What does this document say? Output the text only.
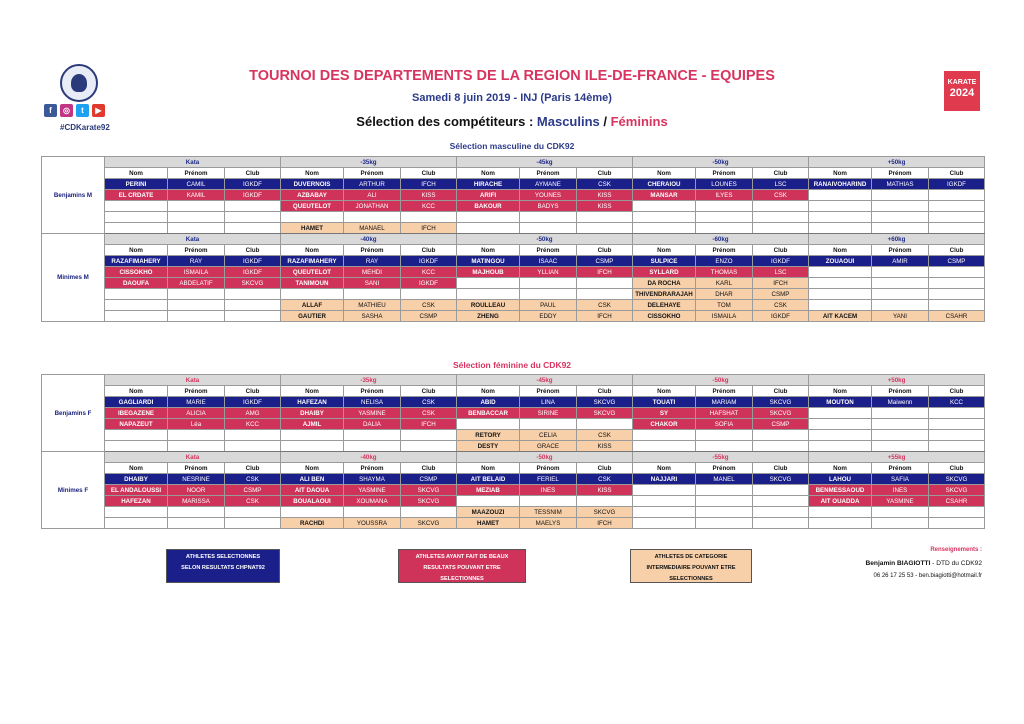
f	◎	t	▶
#CDKarate92
KARATE
2024
TOURNOI DES DEPARTEMENTS DE LA REGION ILE-DE-FRANCE - EQUIPES
Samedi 8 juin 2019 - INJ (Paris 14ème)
Sélection des compétiteurs : Masculins / Féminins
Sélection masculine du CDK92
Benjamins M	Kata			-35kg			-45kg			-50kg			+50kg		
	Nom	Prénom	Club	Nom	Prénom	Club	Nom	Prénom	Club	Nom	Prénom	Club	Nom	Prénom	Club
	PERINI	CAMIL	IGKDF	DUVERNOIS	ARTHUR	IFCH	HIRACHE	AYMANE	CSK	CHERAIOU	LOUNES	LSC	RANAIVOHARIND	MATHIAS	IGKDF
	EL CRDATE	KAMIL	IGKDF	AZBABAY	ALI	KISS	ARIFI	YOUNES	KISS	MANSAR	ILYES	CSK			
				QUEUTELOT	JONATHAN	KCC	BAKOUR	BADYS	KISS						

				HAMET	MANAEL	IFCH									
Minimes M	Kata			-40kg			-50kg			-60kg			+60kg		
	Nom	Prénom	Club	Nom	Prénom	Club	Nom	Prénom	Club	Nom	Prénom	Club	Nom	Prénom	Club
	RAZAFIMAHERY	RAY	IGKDF	RAZAFIMAHERY	RAY	IGKDF	MATINGOU	ISAAC	CSMP	SULPICE	ENZO	IGKDF	ZOUAOUI	AMIR	CSMP
	CISSOKHO	ISMAILA	IGKDF	QUEUTELOT	MEHDI	KCC	MAJHOUB	YLLIAN	IFCH	SYLLARD	THOMAS	LSC			
	DAOUFA	ABDELATIF	SKCVG	TANIMOUN	SANI	IGKDF				DA ROCHA	KARL	IFCH			
										THIVENDRARAJAH	DHAR	CSMP			
				ALLAF	MATHIEU	CSK	ROULLEAU	PAUL	CSK	DELEHAYE	TOM	CSK			
				GAUTIER	SASHA	CSMP	ZHENG	EDDY	IFCH	CISSOKHO	ISMAILA	IGKDF	AIT KACEM	YANI	CSAHR
Sélection féminine du CDK92
Benjamins F	Kata			-35kg			-45kg			-50kg			+50kg		
	Nom	Prénom	Club	Nom	Prénom	Club	Nom	Prénom	Club	Nom	Prénom	Club	Nom	Prénom	Club
	GAGLIARDI	MARIE	IGKDF	HAFEZAN	NELISA	CSK	ABID	LINA	SKCVG	TOUATI	MARIAM	SKCVG	MOUTON	Maiwenn	KCC
	IBEGAZENE	ALICIA	AMG	DHAIBY	YASMINE	CSK	BENBACCAR	SIRINE	SKCVG	SY	HAFSHAT	SKCVG			
	NAPAZEUT	Léa	KCC	AJMIL	DALIA	IFCH				CHAKOR	SOFIA	CSMP			
							RETORY	CELIA	CSK						
							DESTY	GRACE	KISS						
Minimes F	Kata			-40kg			-50kg			-55kg			+55kg		
	Nom	Prénom	Club	Nom	Prénom	Club	Nom	Prénom	Club	Nom	Prénom	Club	Nom	Prénom	Club
	DHAIBY	NESRINE	CSK	ALI BEN	SHAYMA	CSMP	AIT BELAID	FERIEL	CSK	NAJJARI	MANEL	SKCVG	LAHOU	SAFIA	SKCVG
	EL ANDALOUSSI	NOOR	CSMP	AIT DAOUA	YASMINE	SKCVG	MEZIAB	INES	KISS				BENMESSAOUD	INES	SKCVG
	HAFEZAN	MARISSA	CSK	BOUALAOUI	XOUMANA	SKCVG							AIT OUADDA	YASMINE	CSAHR
							MAAZOUZI	TESSNIM	SKCVG						
				RACHDI	YOUSSRA	SKCVG	HAMET	MAELYS	IFCH						
ATHLETES SELECTIONNES
SELON RESULTATS CHPNAT92
ATHLETES AYANT FAIT DE BEAUX
RESULTATS POUVANT ETRE
SELECTIONNES
ATHLETES DE CATEGORIE
INTERMEDIAIRE POUVANT ETRE
SELECTIONNES
Renseignements :
Benjamin BIAGIOTTI - DTD du CDK92
06 26 17 25 53 - ben.biagiotti@hotmail.fr
